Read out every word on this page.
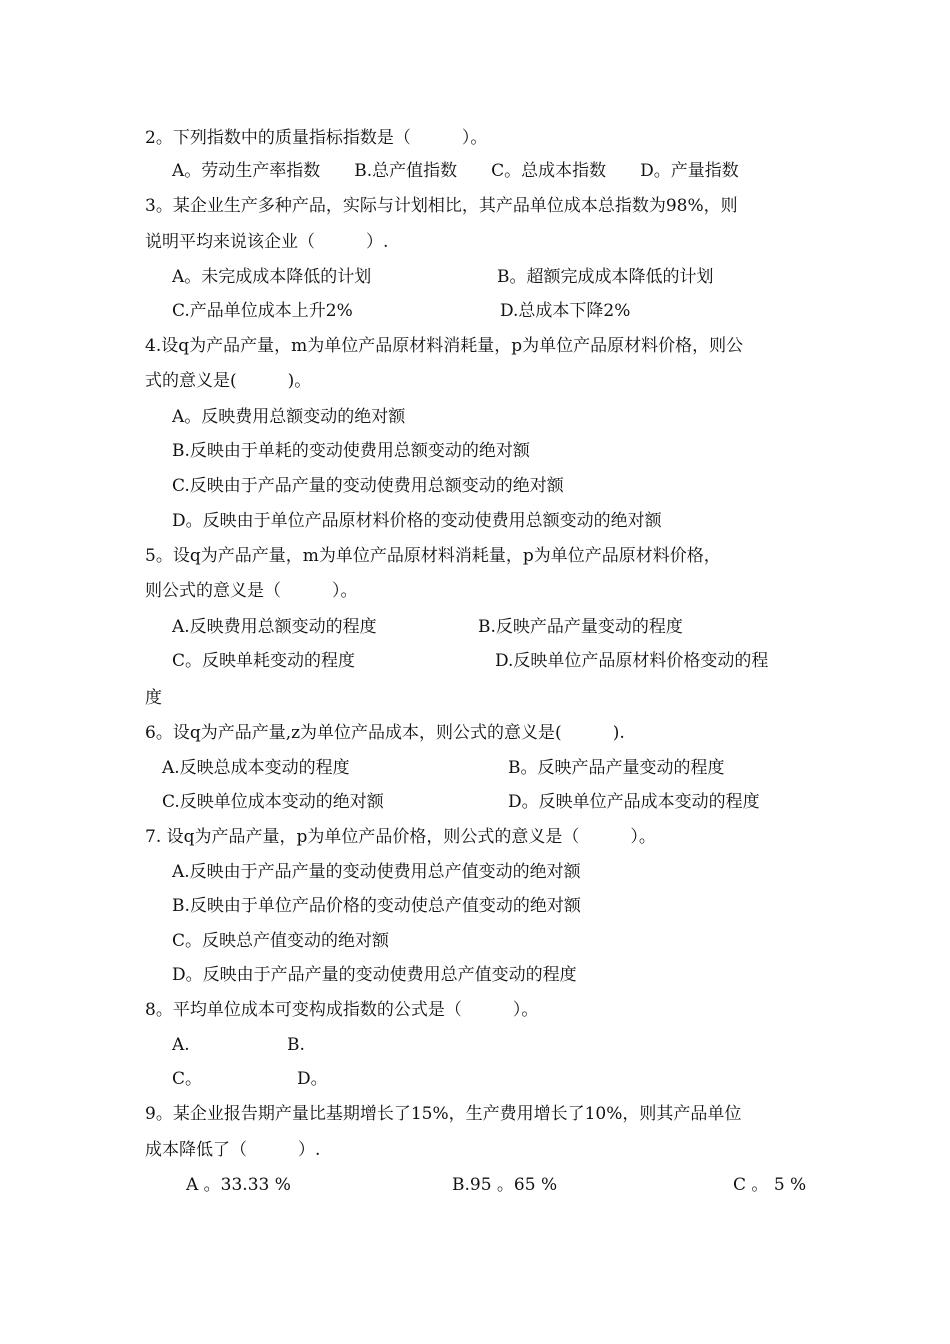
2。下列指数中的质量指标指数是（　　　）。
A。劳动生产率指数　　B.总产值指数　　C。总成本指数　　D。产量指数
3。某企业生产多种产品，实际与计划相比，其产品单位成本总指数为98%，则
说明平均来说该企业（　　　）.
A。未完成成本降低的计划	B。超额完成成本降低的计划
C.产品单位成本上升2%	D.总成本下降2%
4.设q为产品产量，m为单位产品原材料消耗量，p为单位产品原材料价格，则公
式的意义是(　　　)。
A。反映费用总额变动的绝对额
B.反映由于单耗的变动使费用总额变动的绝对额
C.反映由于产品产量的变动使费用总额变动的绝对额
D。反映由于单位产品原材料价格的变动使费用总额变动的绝对额
5。设q为产品产量，m为单位产品原材料消耗量，p为单位产品原材料价格，
则公式的意义是（　　　）。
A.反映费用总额变动的程度	B.反映产品产量变动的程度
C。反映单耗变动的程度	D.反映单位产品原材料价格变动的程
度
6。设q为产品产量,z为单位产品成本，则公式的意义是(　　　).
A.反映总成本变动的程度	B。反映产品产量变动的程度
C.反映单位成本变动的绝对额	D。反映单位产品成本变动的程度
7. 设q为产品产量，p为单位产品价格，则公式的意义是（　　　）。
A.反映由于产品产量的变动使费用总产值变动的绝对额
B.反映由于单位产品价格的变动使总产值变动的绝对额
C。反映总产值变动的绝对额
D。反映由于产品产量的变动使费用总产值变动的程度
8。平均单位成本可变构成指数的公式是（　　　）。
A.	B.
C。	D。
9。某企业报告期产量比基期增长了15%，生产费用增长了10%，则其产品单位
成本降低了（　　　）.
A 。33.33 %	B.95 。65 %	C 。 5 %
